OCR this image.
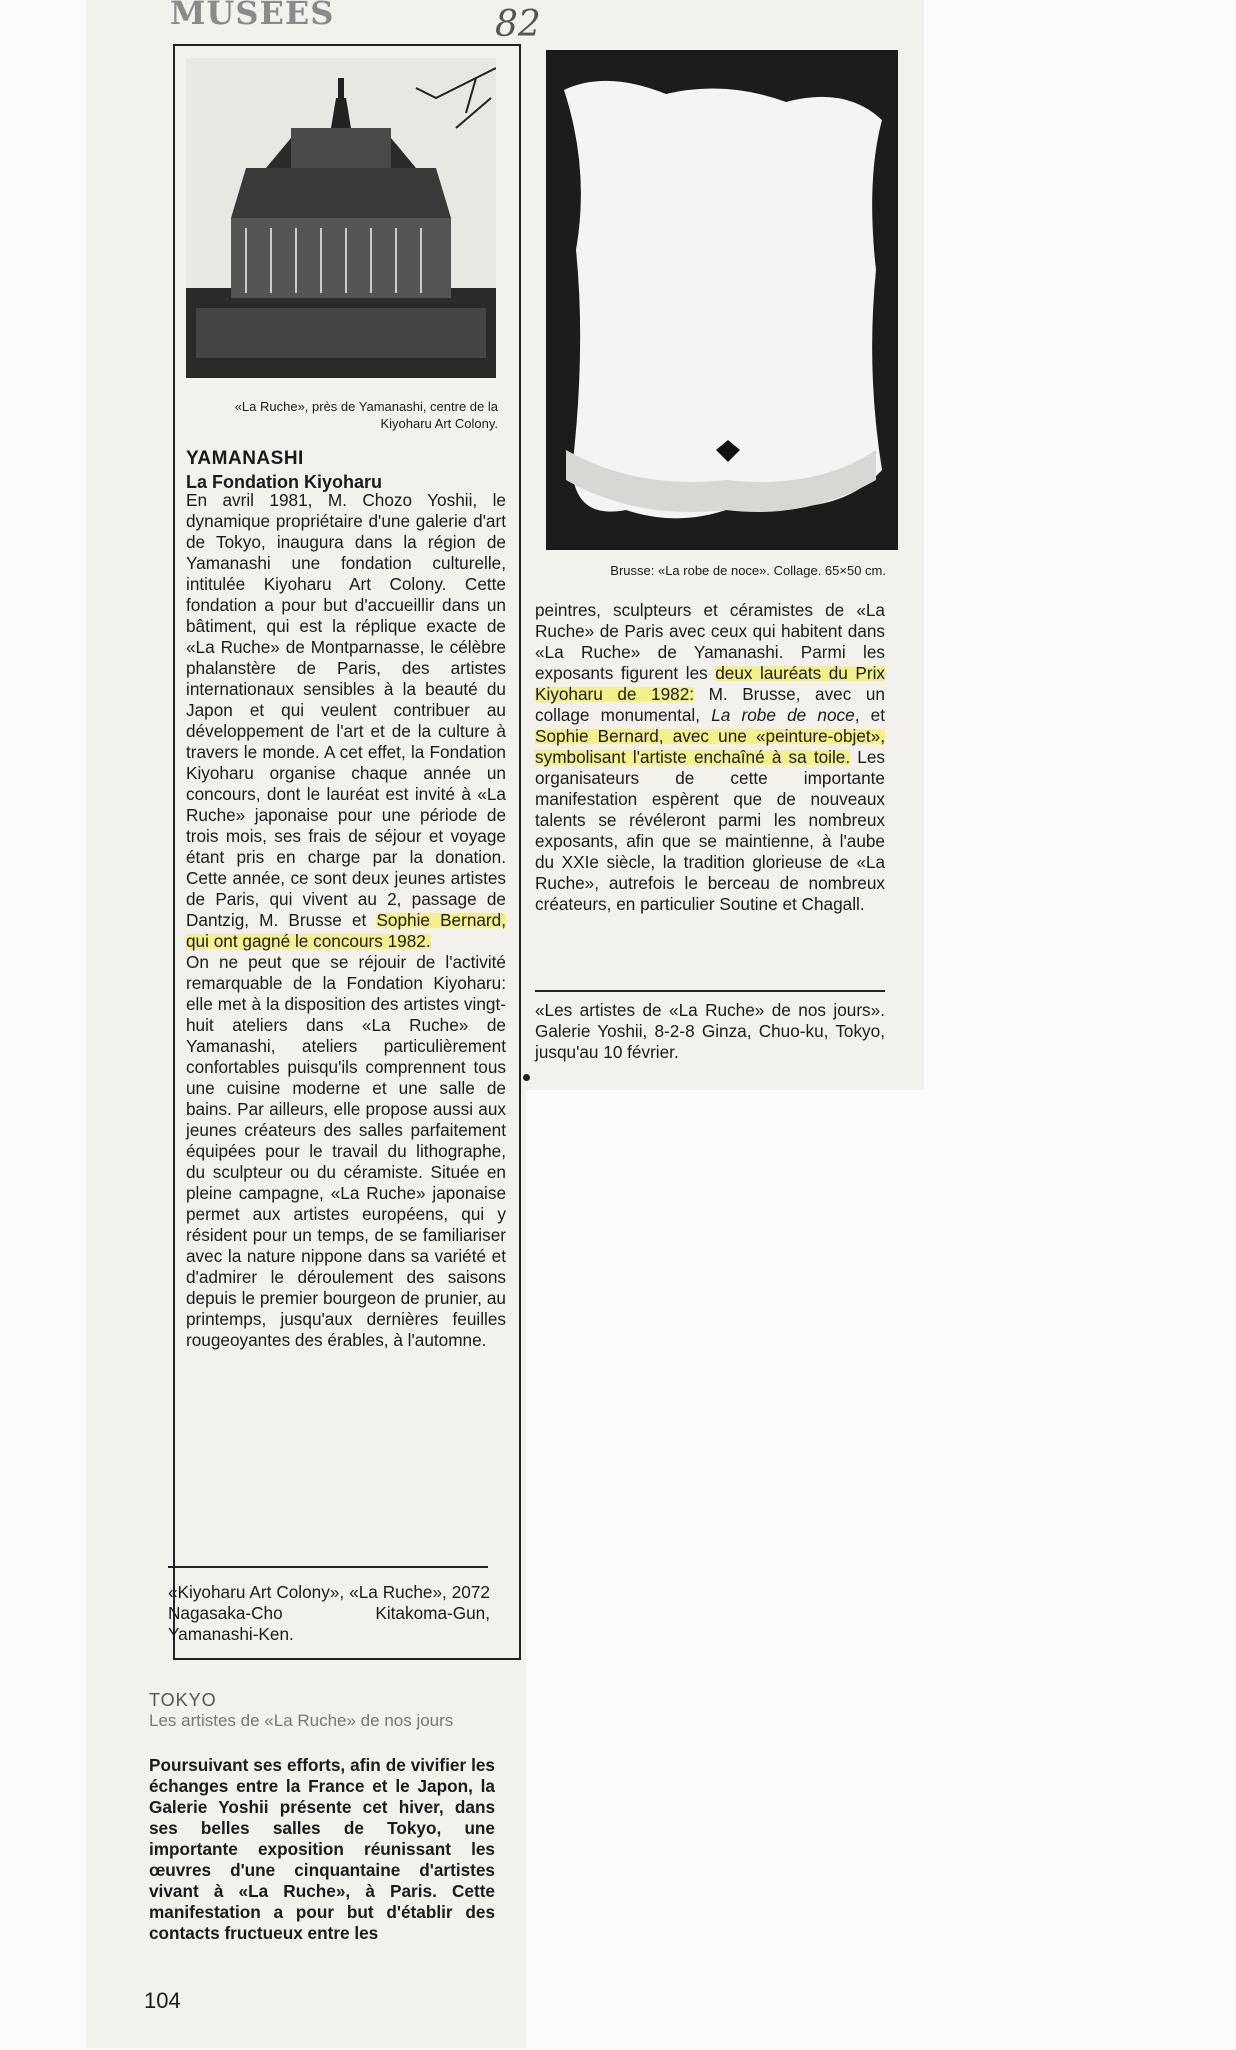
MUSEES	82
«La Ruche», près de Yamanashi, centre de la Kiyoharu Art Colony.
YAMANASHI
La Fondation Kiyoharu

En avril 1981, M. Chozo Yoshii, le dynamique propriétaire d'une galerie d'art de Tokyo, inaugura dans la région de Yamanashi une fondation culturelle, intitulée Kiyoharu Art Colony. Cette fondation a pour but d'accueillir dans un bâtiment, qui est la réplique exacte de «La Ruche» de Montparnasse, le célèbre phalanstère de Paris, des artistes internationaux sensibles à la beauté du Japon et qui veulent contribuer au développement de l'art et de la culture à travers le monde. A cet effet, la Fondation Kiyoharu organise chaque année un concours, dont le lauréat est invité à «La Ruche» japonaise pour une période de trois mois, ses frais de séjour et voyage étant pris en charge par la donation. Cette année, ce sont deux jeunes artistes de Paris, qui vivent au 2, passage de Dantzig, M. Brusse et Sophie Bernard, qui ont gagné le concours 1982.

On ne peut que se réjouir de l'activité remarquable de la Fondation Kiyoharu: elle met à la disposition des artistes vingt-huit ateliers dans «La Ruche» de Yamanashi, ateliers particulièrement confortables puisqu'ils comprennent tous une cuisine moderne et une salle de bains. Par ailleurs, elle propose aussi aux jeunes créateurs des salles parfaitement équipées pour le travail du lithographe, du sculpteur ou du céramiste. Située en pleine campagne, «La Ruche» japonaise permet aux artistes européens, qui y résident pour un temps, de se familiariser avec la nature nippone dans sa variété et d'admirer le déroulement des saisons depuis le premier bourgeon de prunier, au printemps, jusqu'aux dernières feuilles rougeoyantes des érables, à l'automne.

«Kiyoharu Art Colony», «La Ruche», 2072 Nagasaka-Cho Kitakoma-Gun, Yamanashi-Ken.
TOKYO
Les artistes de «La Ruche» de nos jours
Poursuivant ses efforts, afin de vivifier les échanges entre la France et le Japon, la Galerie Yoshii présente cet hiver, dans ses belles salles de Tokyo, une importante exposition réunissant les œuvres d'une cinquantaine d'artistes vivant à «La Ruche», à Paris. Cette manifestation a pour but d'établir des contacts fructueux entre les
Brusse: «La robe de noce». Collage. 65×50 cm.

peintres, sculpteurs et céramistes de «La Ruche» de Paris avec ceux qui habitent dans «La Ruche» de Yamanashi. Parmi les exposants figurent les deux lauréats du Prix Kiyoharu de 1982: M. Brusse, avec un collage monumental, La robe de noce, et Sophie Bernard, avec une «peinture-objet», symbolisant l'artiste enchaîné à sa toile. Les organisateurs de cette importante manifestation espèrent que de nouveaux talents se révéleront parmi les nombreux exposants, afin que se maintienne, à l'aube du XXIe siècle, la tradition glorieuse de «La Ruche», autrefois le berceau de nombreux créateurs, en particulier Soutine et Chagall.

«Les artistes de «La Ruche» de nos jours». Galerie Yoshii, 8-2-8 Ginza, Chuo-ku, Tokyo, jusqu'au 10 février.
104
